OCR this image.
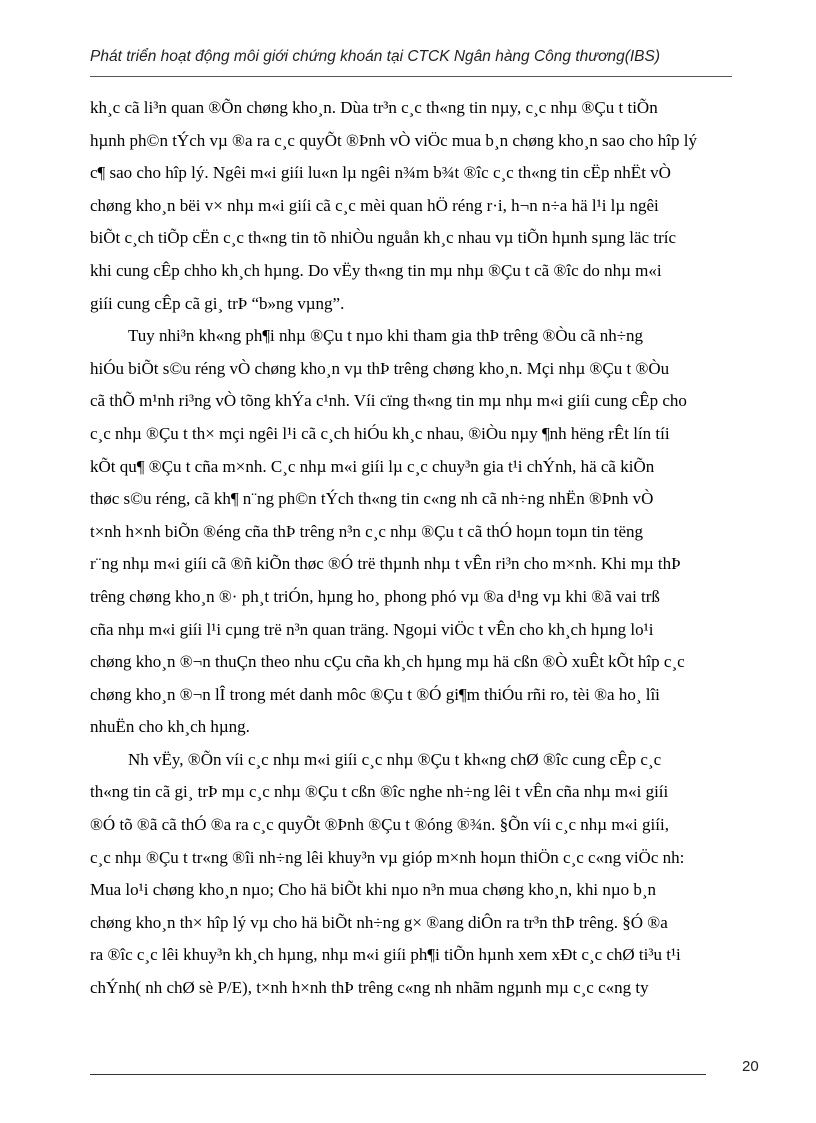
Phát triển hoạt động môi giới chứng khoán tại CTCK Ngân hàng Công thương(IBS)
kh¸c cã li³n quan ®Õn chøng kho¸n. Dùa tr³n c¸c th«ng tin nµy, c¸c nhµ ®Çu t tiÕn
hµnh ph©n tÝch vµ ®a ra c¸c quyÕt ®Þnh vÒ viÖc mua b¸n chøng kho¸n sao cho hîp lý
c¶ sao cho hîp lý. Ngêi m«i giíi lu«n lµ ngêi n¾m b¾t ®îc c¸c th«ng tin cËp nhËt vÒ
chøng kho¸n bëi v× nhµ m«i giíi cã c¸c mèi quan hÖ réng r·i, h¬n n÷a hä l¹i lµ ngêi
biÕt c¸ch tiÕp cËn c¸c th«ng tin tõ nhiÒu nguån kh¸c nhau vµ tiÕn hµnh sµng läc tríc
khi cung cÊp chho kh¸ch hµng. Do vËy th«ng tin mµ nhµ ®Çu t cã ®îc do nhµ m«i
giíi cung cÊp cã gi¸ trÞ “b»ng vµng”.
Tuy nhi³n kh«ng ph¶i nhµ ®Çu t nµo khi tham gia thÞ trêng ®Òu cã nh÷ng
hiÓu biÕt s©u réng vÒ chøng kho¸n vµ thÞ trêng chøng kho¸n. Mçi nhµ ®Çu t ®Òu
cã thÕ m¹nh ri³ng vÒ tõng khÝa c¹nh. Víi cïng th«ng tin mµ nhµ m«i giíi cung cÊp cho
c¸c nhµ ®Çu t th× mçi ngêi l¹i cã c¸ch hiÓu kh¸c nhau, ®iÒu nµy ¶nh hëng rÊt lín tíi
kÕt qu¶ ®Çu t cña m×nh. C¸c nhµ m«i giíi lµ c¸c chuy³n gia t¹i chÝnh, hä cã kiÕn
thøc s©u réng, cã kh¶ n¨ng ph©n tÝch th«ng tin c«ng nh cã nh÷ng nhËn ®Þnh vÒ
t×nh h×nh biÕn ®éng cña thÞ trêng n³n c¸c nhµ ®Çu t cã thÓ hoµn toµn tin tëng
r¨ng nhµ m«i giíi cã ®ñ kiÕn thøc ®Ó trë thµnh nhµ t vÊn ri³n cho m×nh. Khi mµ thÞ
trêng chøng kho¸n ®· ph¸t triÓn, hµng ho¸ phong phó vµ ®a d¹ng vµ khi ®ã vai trß
cña nhµ m«i giíi l¹i cµng trë n³n quan träng. Ngoµi viÖc t vÊn cho kh¸ch hµng lo¹i
chøng kho¸n ®¬n thuÇn theo nhu cÇu cña kh¸ch hµng mµ hä cßn ®Ò xuÊt kÕt hîp c¸c
chøng kho¸n ®¬n lÎ trong mét danh môc ®Çu t ®Ó gi¶m thiÓu rñi ro, tèi ®a ho¸ lîi
nhuËn cho kh¸ch hµng.
Nh vËy, ®Õn víi c¸c nhµ m«i giíi c¸c nhµ ®Çu t kh«ng chØ ®îc cung cÊp c¸c
th«ng tin cã gi¸ trÞ mµ c¸c nhµ ®Çu t cßn ®îc nghe nh÷ng lêi t vÊn cña nhµ m«i giíi
®Ó tõ ®ã cã thÓ ®a ra c¸c quyÕt ®Þnh ®Çu t ®óng ®¾n. §Õn víi c¸c nhµ m«i giíi,
c¸c nhµ ®Çu t tr«ng ®îi nh÷ng lêi khuy³n vµ gióp m×nh hoµn thiÖn c¸c c«ng viÖc nh:
Mua lo¹i chøng kho¸n nµo; Cho hä biÕt khi nµo n³n mua chøng kho¸n, khi nµo b¸n
chøng kho¸n th× hîp lý vµ cho hä biÕt nh÷ng g× ®ang diÔn ra tr³n thÞ trêng. §Ó ®a
ra ®îc c¸c lêi khuy³n kh¸ch hµng, nhµ m«i giíi ph¶i tiÕn hµnh xem xÐt c¸c chØ ti³u t¹i
chÝnh( nh chØ sè P/E), t×nh h×nh thÞ trêng c«ng nh nhãm ngµnh mµ c¸c c«ng ty
20
